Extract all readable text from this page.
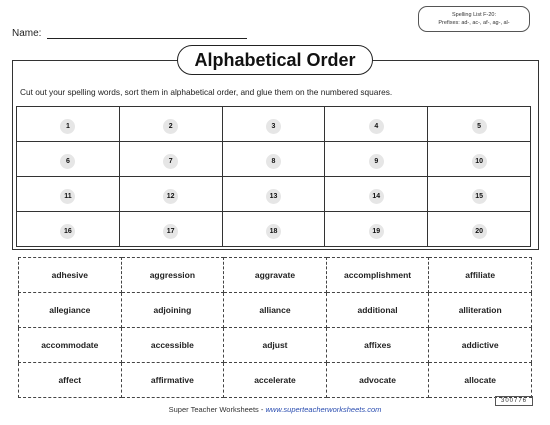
Name:
Spelling List F-20:
Prefixes: ad-, ac-, af-, ag-, al-
Alphabetical Order
Cut out your spelling words, sort them in alphabetical order, and glue them on the numbered squares.
1	2	3	4	5
6	7	8	9	10
11	12	13	14	15
16	17	18	19	20
adhesive	aggression	aggravate	accomplishment	affiliate
allegiance	adjoining	alliance	additional	alliteration
accommodate	accessible	adjust	affixes	addictive
affect	affirmative	accelerate	advocate	allocate
300776
Super Teacher Worksheets - www.superteacherworksheets.com
